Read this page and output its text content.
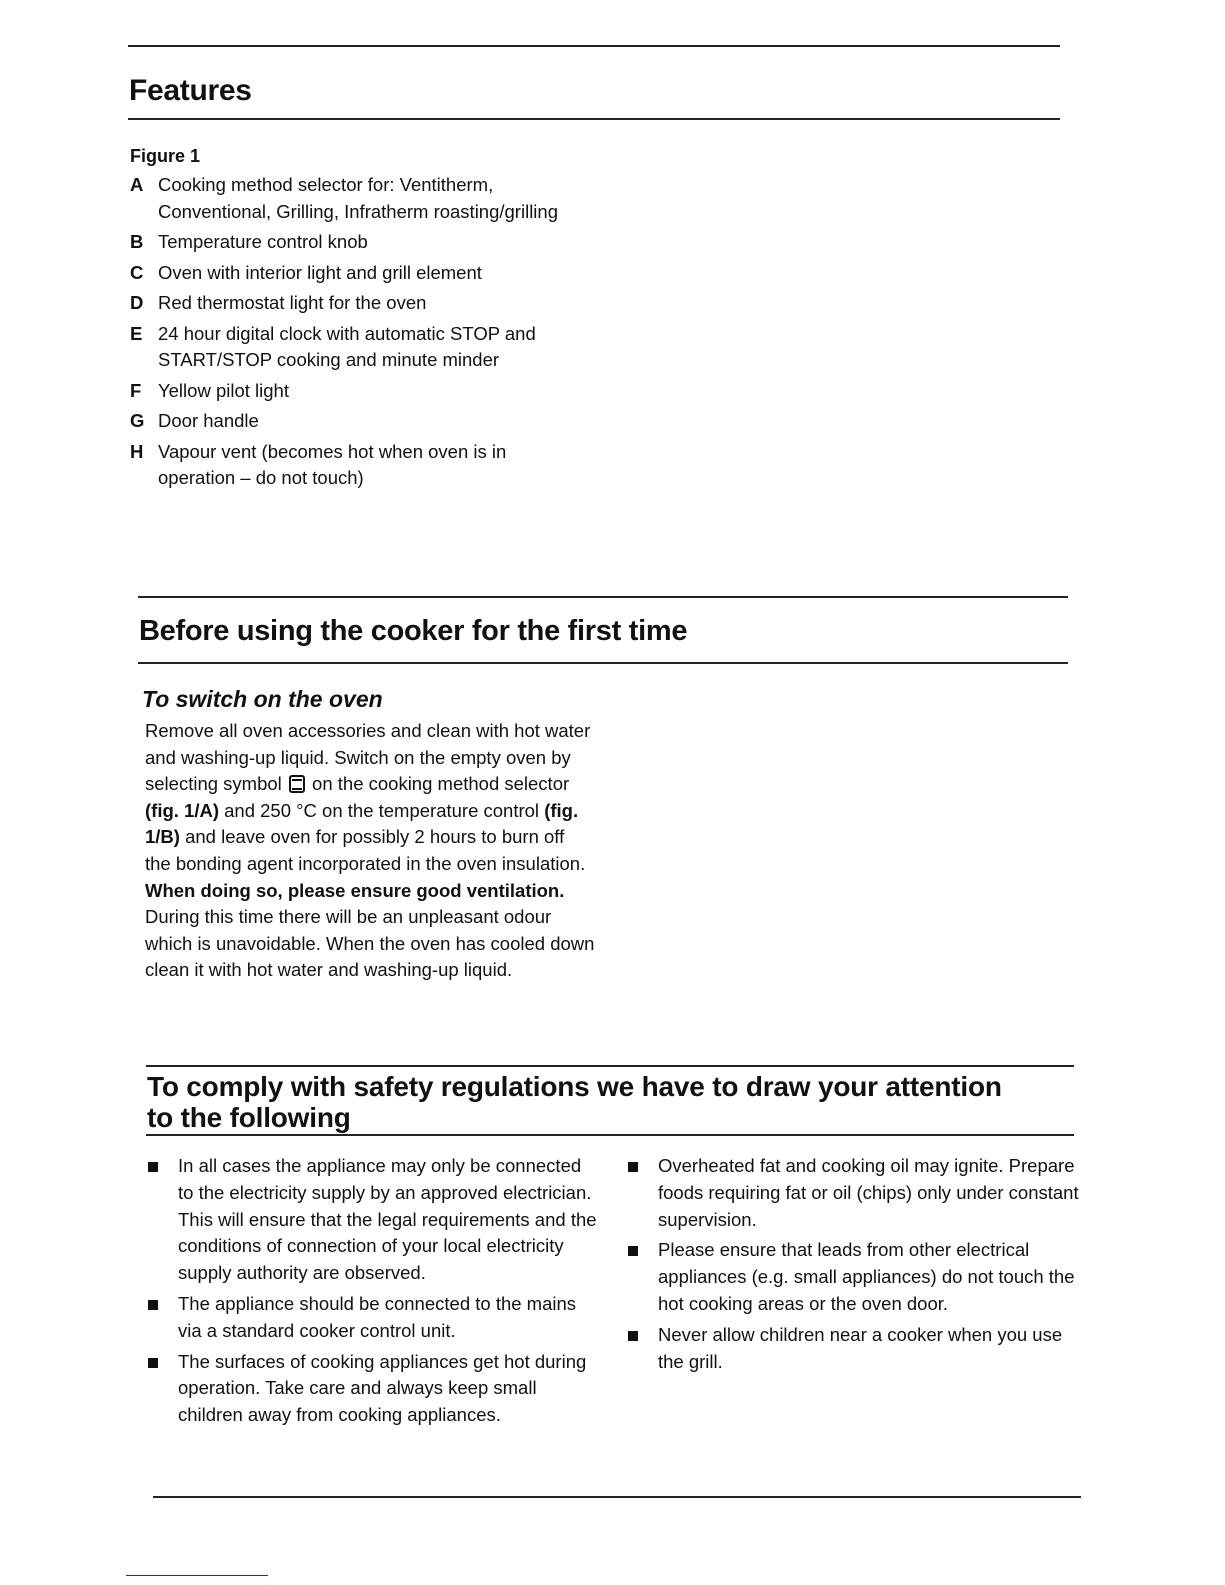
Features
Figure 1
A Cooking method selector for: Ventitherm, Conventional, Grilling, Infratherm roasting/grilling
B Temperature control knob
C Oven with interior light and grill element
D Red thermostat light for the oven
E 24 hour digital clock with automatic STOP and START/STOP cooking and minute minder
F Yellow pilot light
G Door handle
H Vapour vent (becomes hot when oven is in operation – do not touch)
Before using the cooker for the first time
To switch on the oven
Remove all oven accessories and clean with hot water and washing-up liquid. Switch on the empty oven by selecting symbol on the cooking method selector (fig. 1/A) and 250 °C on the temperature control (fig. 1/B) and leave oven for possibly 2 hours to burn off the bonding agent incorporated in the oven insulation. When doing so, please ensure good ventilation. During this time there will be an unpleasant odour which is unavoidable. When the oven has cooled down clean it with hot water and washing-up liquid.
To comply with safety regulations we have to draw your attention to the following
In all cases the appliance may only be connected to the electricity supply by an approved electrician. This will ensure that the legal requirements and the conditions of connection of your local electricity supply authority are observed.
The appliance should be connected to the mains via a standard cooker control unit.
The surfaces of cooking appliances get hot during operation. Take care and always keep small children away from cooking appliances.
Overheated fat and cooking oil may ignite. Prepare foods requiring fat or oil (chips) only under constant supervision.
Please ensure that leads from other electrical appliances (e.g. small appliances) do not touch the hot cooking areas or the oven door.
Never allow children near a cooker when you use the grill.
